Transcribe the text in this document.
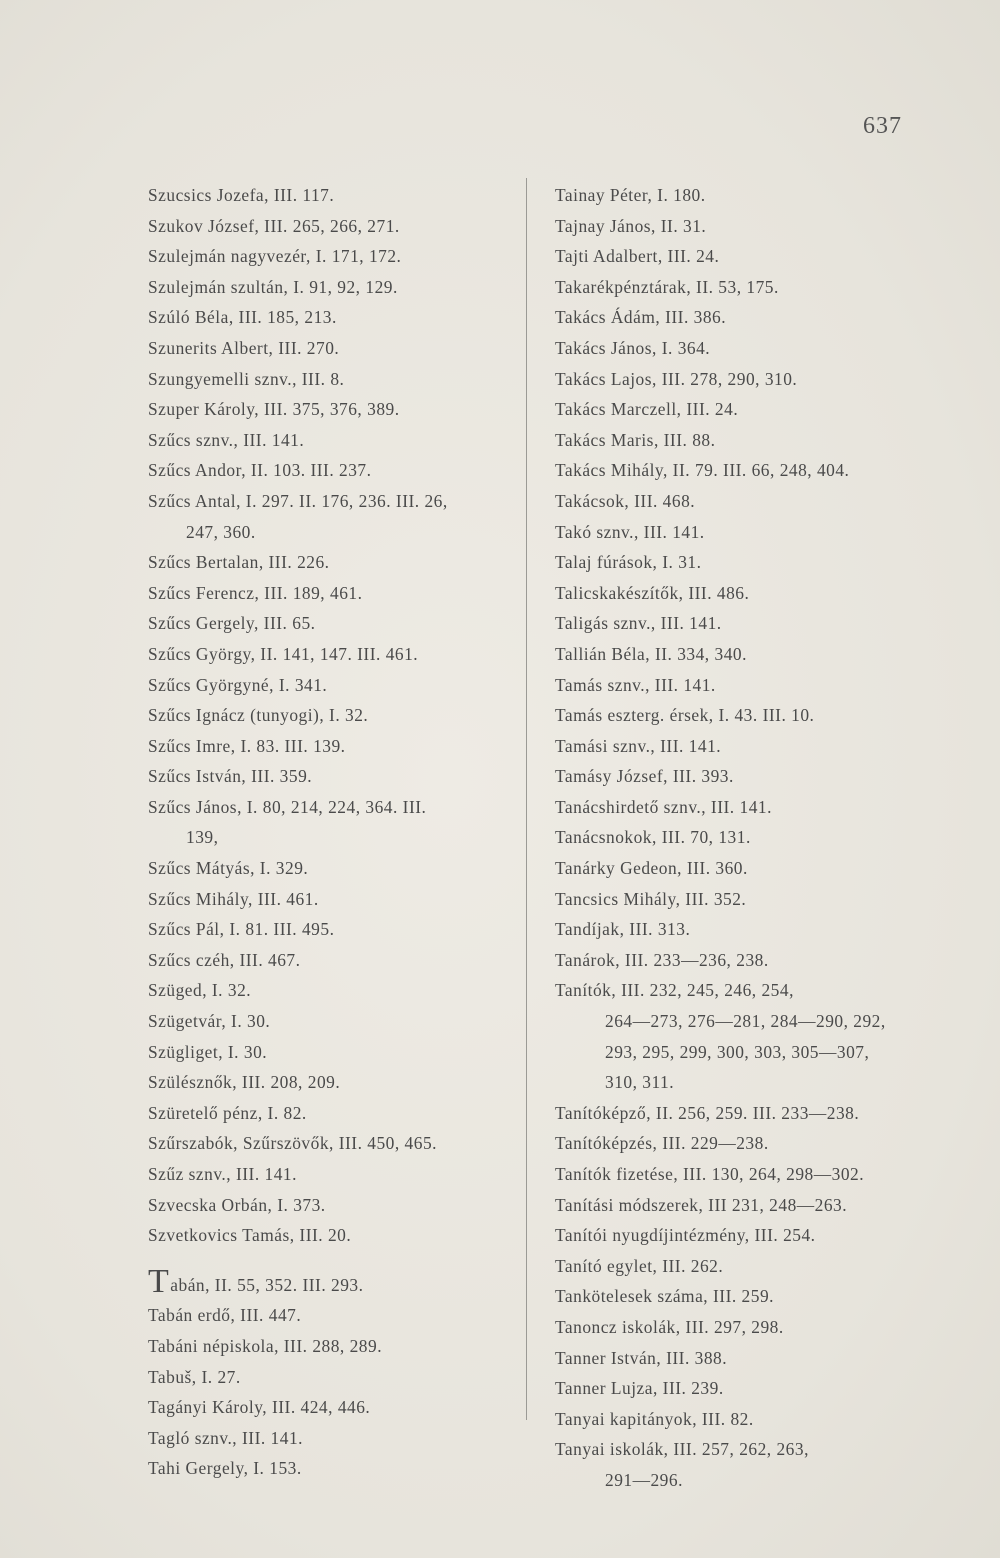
637
Szucsics Jozefa, III. 117.
Szukov József, III. 265, 266, 271.
Szulejmán nagyvezér, I. 171, 172.
Szulejmán szultán, I. 91, 92, 129.
Szúló Béla, III. 185, 213.
Szunerits Albert, III. 270.
Szungyemelli sznv., III. 8.
Szuper Károly, III. 375, 376, 389.
Szűcs sznv., III. 141.
Szűcs Andor, II. 103. III. 237.
Szűcs Antal, I. 297. II. 176, 236. III. 26,
247, 360.
Szűcs Bertalan, III. 226.
Szűcs Ferencz, III. 189, 461.
Szűcs Gergely, III. 65.
Szűcs György, II. 141, 147. III. 461.
Szűcs Györgyné, I. 341.
Szűcs Ignácz (tunyogi), I. 32.
Szűcs Imre, I. 83. III. 139.
Szűcs István, III. 359.
Szűcs János, I. 80, 214, 224, 364. III.
139,
Szűcs Mátyás, I. 329.
Szűcs Mihály, III. 461.
Szűcs Pál, I. 81. III. 495.
Szűcs czéh, III. 467.
Szüged, I. 32.
Szügetvár, I. 30.
Szügliget, I. 30.
Szülésznők, III. 208, 209.
Szüretelő pénz, I. 82.
Szűrszabók, Szűrszövők, III. 450, 465.
Szűz sznv., III. 141.
Szvecska Orbán, I. 373.
Szvetkovics Tamás, III. 20.
Tabán, II. 55, 352. III. 293.
Tabán erdő, III. 447.
Tabáni népiskola, III. 288, 289.
Tabuš, I. 27.
Tagányi Károly, III. 424, 446.
Tagló sznv., III. 141.
Tahi Gergely, I. 153.
Tainay Péter, I. 180.
Tajnay János, II. 31.
Tajti Adalbert, III. 24.
Takarékpénztárak, II. 53, 175.
Takács Ádám, III. 386.
Takács János, I. 364.
Takács Lajos, III. 278, 290, 310.
Takács Marczell, III. 24.
Takács Maris, III. 88.
Takács Mihály, II. 79. III. 66, 248, 404.
Takácsok, III. 468.
Takó sznv., III. 141.
Talaj fúrások, I. 31.
Talicskakészítők, III. 486.
Taligás sznv., III. 141.
Tallián Béla, II. 334, 340.
Tamás sznv., III. 141.
Tamás eszterg. érsek, I. 43. III. 10.
Tamási sznv., III. 141.
Tamásy József, III. 393.
Tanácshirdető sznv., III. 141.
Tanácsnokok, III. 70, 131.
Tanárky Gedeon, III. 360.
Tancsics Mihály, III. 352.
Tandíjak, III. 313.
Tanárok, III. 233—236, 238.
Tanítók, III. 232, 245, 246, 254,
264—273, 276—281, 284—290, 292,
293, 295, 299, 300, 303, 305—307,
310, 311.
Tanítóképző, II. 256, 259. III. 233—238.
Tanítóképzés, III. 229—238.
Tanítók fizetése, III. 130, 264, 298—302.
Tanítási módszerek, III 231, 248—263.
Tanítói nyugdíjintézmény, III. 254.
Tanító egylet, III. 262.
Tankötelesek száma, III. 259.
Tanoncz iskolák, III. 297, 298.
Tanner István, III. 388.
Tanner Lujza, III. 239.
Tanyai kapitányok, III. 82.
Tanyai iskolák, III. 257, 262, 263,
291—296.
